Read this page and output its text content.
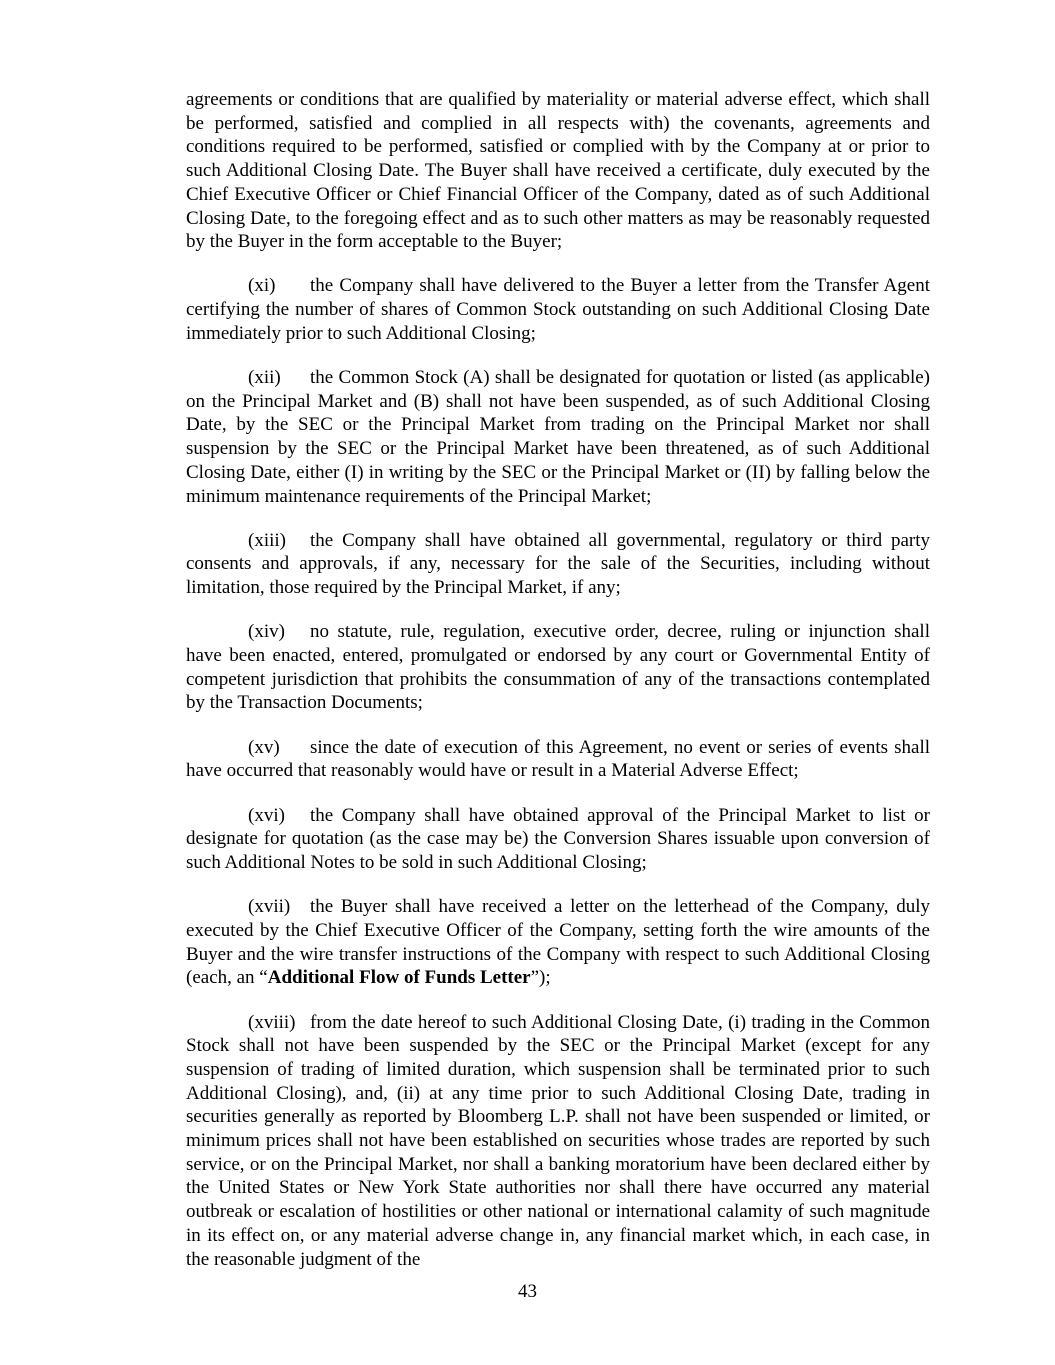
agreements or conditions that are qualified by materiality or material adverse effect, which shall be performed, satisfied and complied in all respects with) the covenants, agreements and conditions required to be performed, satisfied or complied with by the Company at or prior to such Additional Closing Date. The Buyer shall have received a certificate, duly executed by the Chief Executive Officer or Chief Financial Officer of the Company, dated as of such Additional Closing Date, to the foregoing effect and as to such other matters as may be reasonably requested by the Buyer in the form acceptable to the Buyer;

(xi) the Company shall have delivered to the Buyer a letter from the Transfer Agent certifying the number of shares of Common Stock outstanding on such Additional Closing Date immediately prior to such Additional Closing;

(xii) the Common Stock (A) shall be designated for quotation or listed (as applicable) on the Principal Market and (B) shall not have been suspended, as of such Additional Closing Date, by the SEC or the Principal Market from trading on the Principal Market nor shall suspension by the SEC or the Principal Market have been threatened, as of such Additional Closing Date, either (I) in writing by the SEC or the Principal Market or (II) by falling below the minimum maintenance requirements of the Principal Market;

(xiii) the Company shall have obtained all governmental, regulatory or third party consents and approvals, if any, necessary for the sale of the Securities, including without limitation, those required by the Principal Market, if any;

(xiv) no statute, rule, regulation, executive order, decree, ruling or injunction shall have been enacted, entered, promulgated or endorsed by any court or Governmental Entity of competent jurisdiction that prohibits the consummation of any of the transactions contemplated by the Transaction Documents;

(xv) since the date of execution of this Agreement, no event or series of events shall have occurred that reasonably would have or result in a Material Adverse Effect;

(xvi) the Company shall have obtained approval of the Principal Market to list or designate for quotation (as the case may be) the Conversion Shares issuable upon conversion of such Additional Notes to be sold in such Additional Closing;

(xvii) the Buyer shall have received a letter on the letterhead of the Company, duly executed by the Chief Executive Officer of the Company, setting forth the wire amounts of the Buyer and the wire transfer instructions of the Company with respect to such Additional Closing (each, an “Additional Flow of Funds Letter”);

(xviii) from the date hereof to such Additional Closing Date, (i) trading in the Common Stock shall not have been suspended by the SEC or the Principal Market (except for any suspension of trading of limited duration, which suspension shall be terminated prior to such Additional Closing), and, (ii) at any time prior to such Additional Closing Date, trading in securities generally as reported by Bloomberg L.P. shall not have been suspended or limited, or minimum prices shall not have been established on securities whose trades are reported by such service, or on the Principal Market, nor shall a banking moratorium have been declared either by the United States or New York State authorities nor shall there have occurred any material outbreak or escalation of hostilities or other national or international calamity of such magnitude in its effect on, or any material adverse change in, any financial market which, in each case, in the reasonable judgment of the

43
